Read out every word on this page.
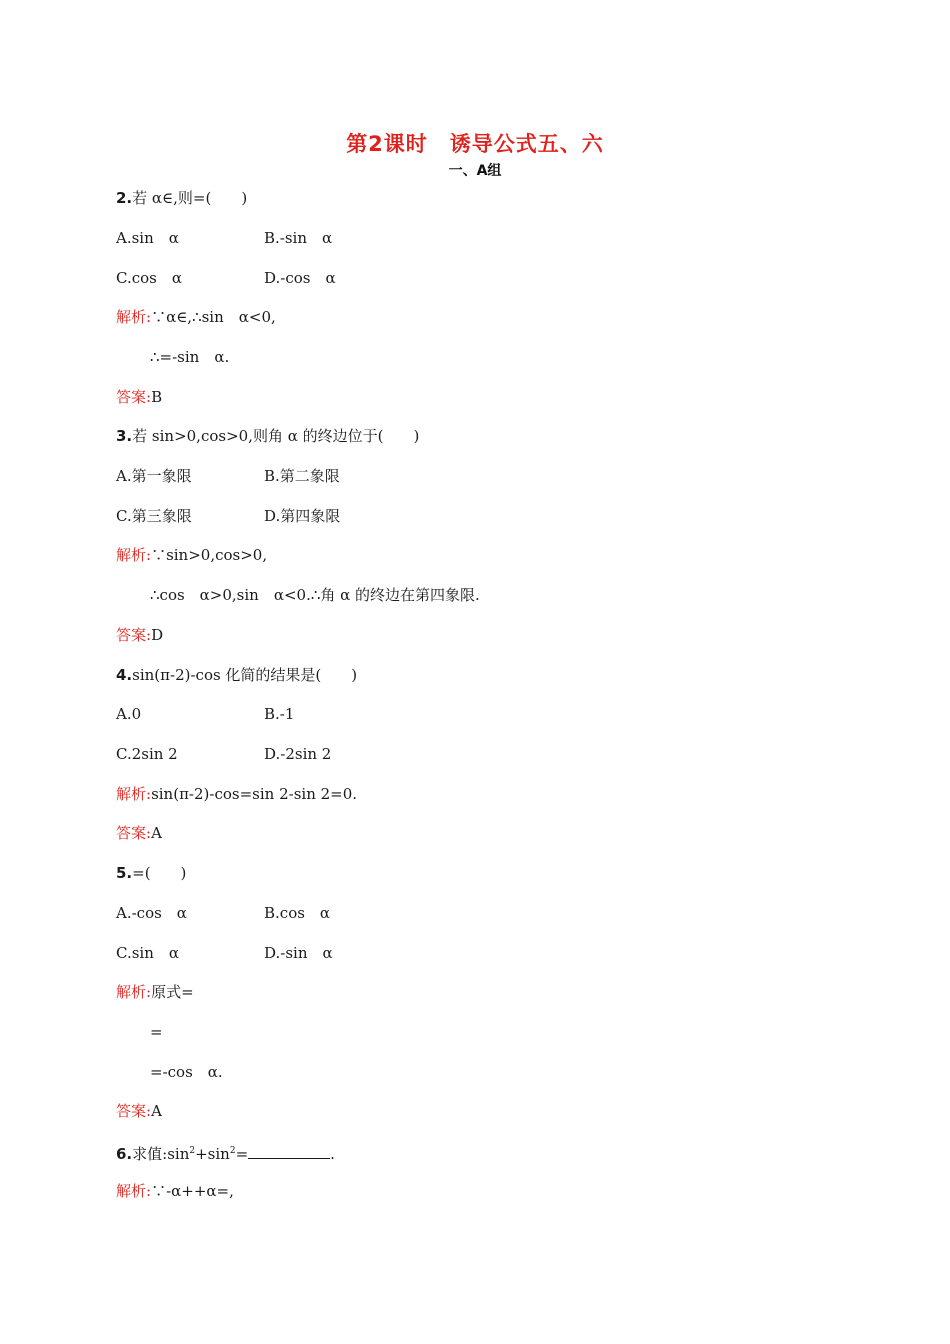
第2课时　诱导公式五、六
一、A组
2.若 α∈,则=(　　)
A.sin　α	B.-sin　α
C.cos　α	D.-cos　α
解析:∵α∈,∴sin　α<0,
∴=-sin　α.
答案:B
3.若 sin>0,cos>0,则角 α 的终边位于(　　)
A.第一象限	B.第二象限
C.第三象限	D.第四象限
解析:∵sin>0,cos>0,
∴cos　α>0,sin　α<0.∴角 α 的终边在第四象限.
答案:D
4.sin(π-2)-cos 化简的结果是(　　)
A.0	B.-1
C.2sin 2	D.-2sin 2
解析:sin(π-2)-cos=sin 2-sin 2=0.
答案:A
5.=(　　)
A.-cos　α	B.cos　α
C.sin　α	D.-sin　α
解析:原式=
=
=-cos　α.
答案:A
6.求值$:\sin^2+\sin^2=$	.
解析:∵-α++α=,
